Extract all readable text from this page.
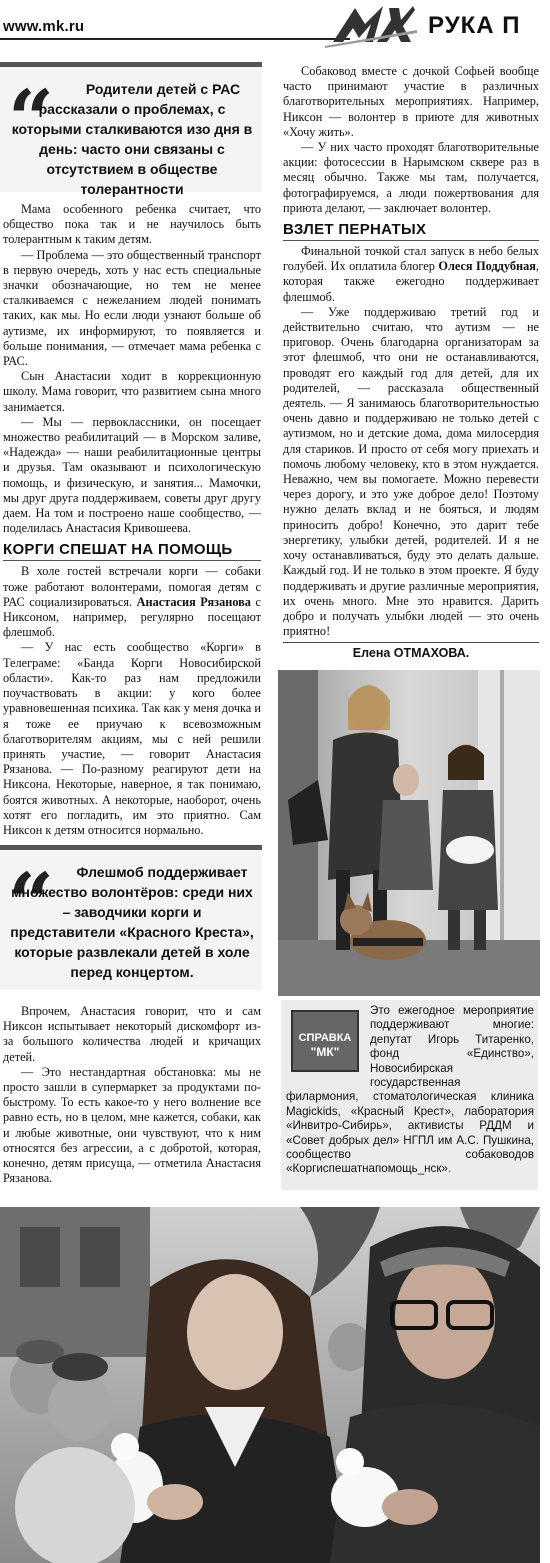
www.mk.ru	РУКА П
“	Родители детей с РАС рассказали о проблемах, с которыми сталкиваются изо дня в день: часто они связаны с отсутствием в обществе толерантности

Мама особенного ребенка считает, что общество пока так и не научилось быть толерантным к таким детям.

— Проблема — это общественный транспорт в первую очередь, хоть у нас есть специальные значки обозначающие, но тем не менее сталкиваемся с нежеланием людей понимать таких, как мы. Но если люди узнают больше об аутизме, их информируют, то появляется и больше понимания, — отмечает мама ребенка с РАС.

Сын Анастасии ходит в коррекционную школу. Мама говорит, что развитием сына много занимается.

— Мы — первоклассники, он посещает множество реабилитаций — в Морском заливе, «Надежда» — наши реабилитационные центры и друзья. Там оказывают и психологическую помощь, и физическую, и занятия... Мамочки, мы друг друга поддерживаем, советы друг другу даем. На том и построено наше сообщество, — поделилась Анастасия Кривошеева.

КОРГИ СПЕШАТ НА ПОМОЩЬ

В холе гостей встречали корги — собаки тоже работают волонтерами, помогая детям с РАС социализироваться. Анастасия Рязанова с Никсоном, например, регулярно посещают флешмоб.

— У нас есть сообщество «Корги» в Телеграме: «Банда Корги Новосибирской области». Как-то раз нам предложили поучаствовать в акции: у кого более уравновешенная психика. Так как у меня дочка и я тоже ее приучаю к всевозможным благотворителям акциям, мы с ней решили принять участие, — говорит Анастасия Рязанова. — По-разному реагируют дети на Никсона. Некоторые, наверное, я так понимаю, боятся животных. А некоторые, наоборот, очень хотят его погладить, им это приятно. Сам Никсон к детям относится нормально.

“	Флешмоб поддерживает множество волонтёров: среди них – заводчики корги и представители «Красного Креста», которые развлекали детей в холе перед концертом.

Впрочем, Анастасия говорит, что и сам Никсон испытывает некоторый дискомфорт из-за большого количества людей и кричащих детей.

— Это нестандартная обстановка: мы не просто зашли в супермаркет за продуктами по-быстрому. То есть какое-то у него волнение все равно есть, но в целом, мне кажется, собаки, как и любые животные, они чувствуют, что к ним относятся без агрессии, а с добротой, которая, конечно, детям присуща, — отметила Анастасия Рязанова.

Собаковод вместе с дочкой Софьей вообще часто принимают участие в различных благотворительных мероприятиях. Например, Никсон — волонтер в приюте для животных «Хочу жить».

— У них часто проходят благотворительные акции: фотосессии в Нарымском сквере раз в месяц обычно. Также мы там, получается, фотографируемся, а люди пожертвования для приюта делают, — заключает волонтер.

ВЗЛЕТ ПЕРНАТЫХ

Финальной точкой стал запуск в небо белых голубей. Их оплатила блогер Олеся Поддубная, которая также ежегодно поддерживает флешмоб.

— Уже поддерживаю третий год и действительно считаю, что аутизм — не приговор. Очень благодарна организаторам за этот флешмоб, что они не останавливаются, проводят его каждый год для детей, для их родителей, — рассказала общественный деятель. — Я занимаюсь благотворительностью очень давно и поддерживаю не только детей с аутизмом, но и детские дома, дома милосердия для стариков. И просто от себя могу приехать и помочь любому человеку, кто в этом нуждается. Неважно, чем вы помогаете. Можно перевести через дорогу, и это уже доброе дело! Поэтому нужно делать вклад и не бояться, и людям приносить добро! Конечно, это дарит тебе энергетику, улыбки детей, родителей. И я не хочу останавливаться, буду это делать дальше. Каждый год. И не только в этом проекте. Я буду поддерживать и другие различные мероприятия, их очень много. Мне это нравится. Дарить добро и получать улыбки людей — это очень приятно!

Елена ОТМАХОВА.
Это ежегодное мероприятие поддерживают многие: депутат Игорь Титаренко, фонд «Единство», Новосибирская государственная филармония, стоматологическая клиника Magickids, «Красный Крест», лаборатория «Инвитро-Сибирь», активисты РДДМ и «Совет добрых дел» НГПЛ им А.С. Пушкина, сообщество собаководов «Коргиспешатнапомощь_нск».
СПРАВКА
"МК"
